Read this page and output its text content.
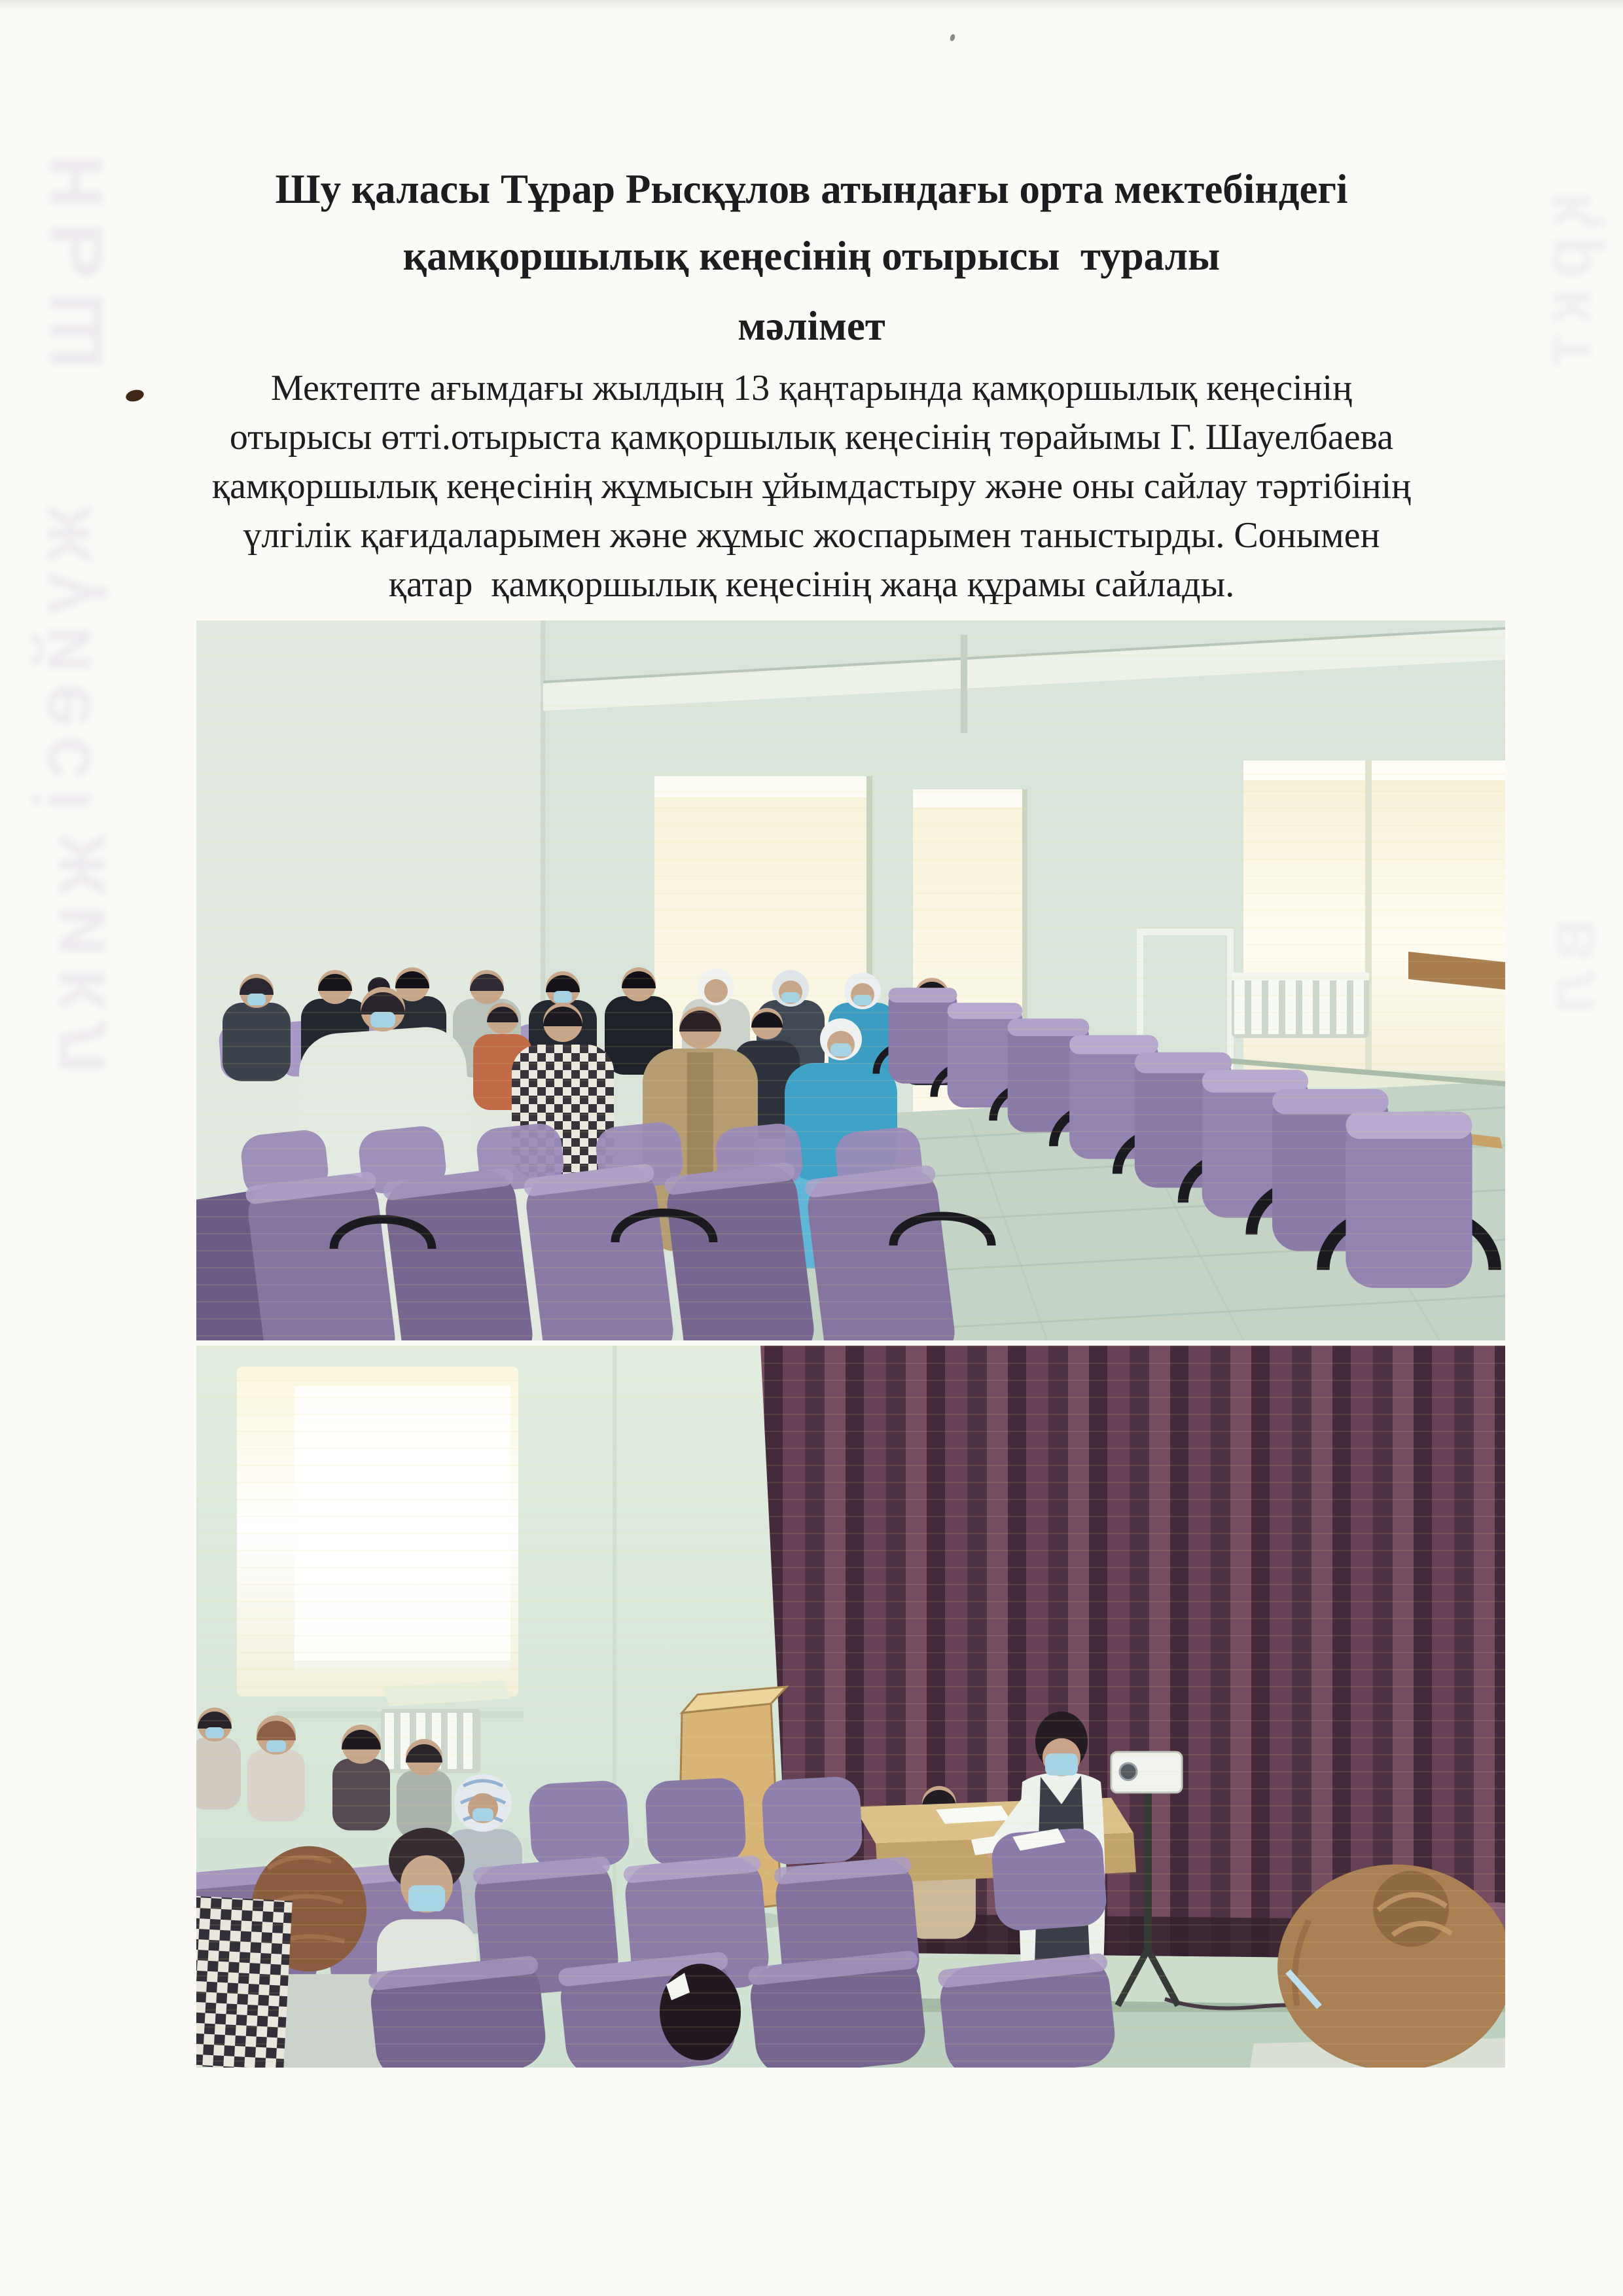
ньш
жүйесі
жикл
қркт
вл
Шу қаласы Тұрар Рысқұлов атындағы орта мектебіндегі
қамқоршылық кеңесінің отырысы  туралы
мәлімет
Мектепте ағымдағы жылдың 13 қаңтарында қамқоршылық кеңесінің
отырысы өтті.отырыста қамқоршылық кеңесінің төрайымы Г. Шауелбаева
қамқоршылық кеңесінің жұмысын ұйымдастыру және оны сайлау тәртібінің
үлгілік қағидаларымен және жұмыс жоспарымен таныстырды. Сонымен
қатар  қамқоршылық кеңесінің жаңа құрамы сайлады.
